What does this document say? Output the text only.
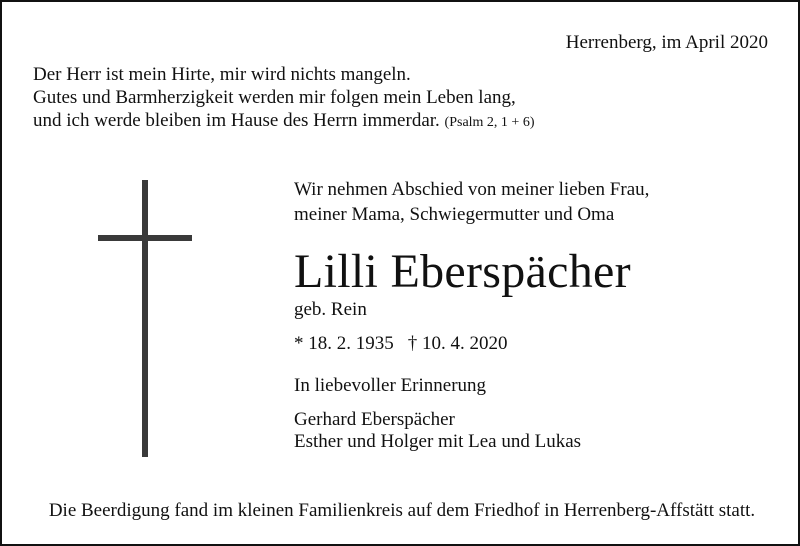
Herrenberg, im April 2020
Der Herr ist mein Hirte, mir wird nichts mangeln.
Gutes und Barmherzigkeit werden mir folgen mein Leben lang,
und ich werde bleiben im Hause des Herrn immerdar. (Psalm 2, 1 + 6)
Wir nehmen Abschied von meiner lieben Frau,
meiner Mama, Schwiegermutter und Oma
Lilli Eberspächer
geb. Rein
* 18. 2. 1935 † 10. 4. 2020
In liebevoller Erinnerung
Gerhard Eberspächer
Esther und Holger mit Lea und Lukas
Die Beerdigung fand im kleinen Familienkreis auf dem Friedhof in Herrenberg-Affstätt statt.
